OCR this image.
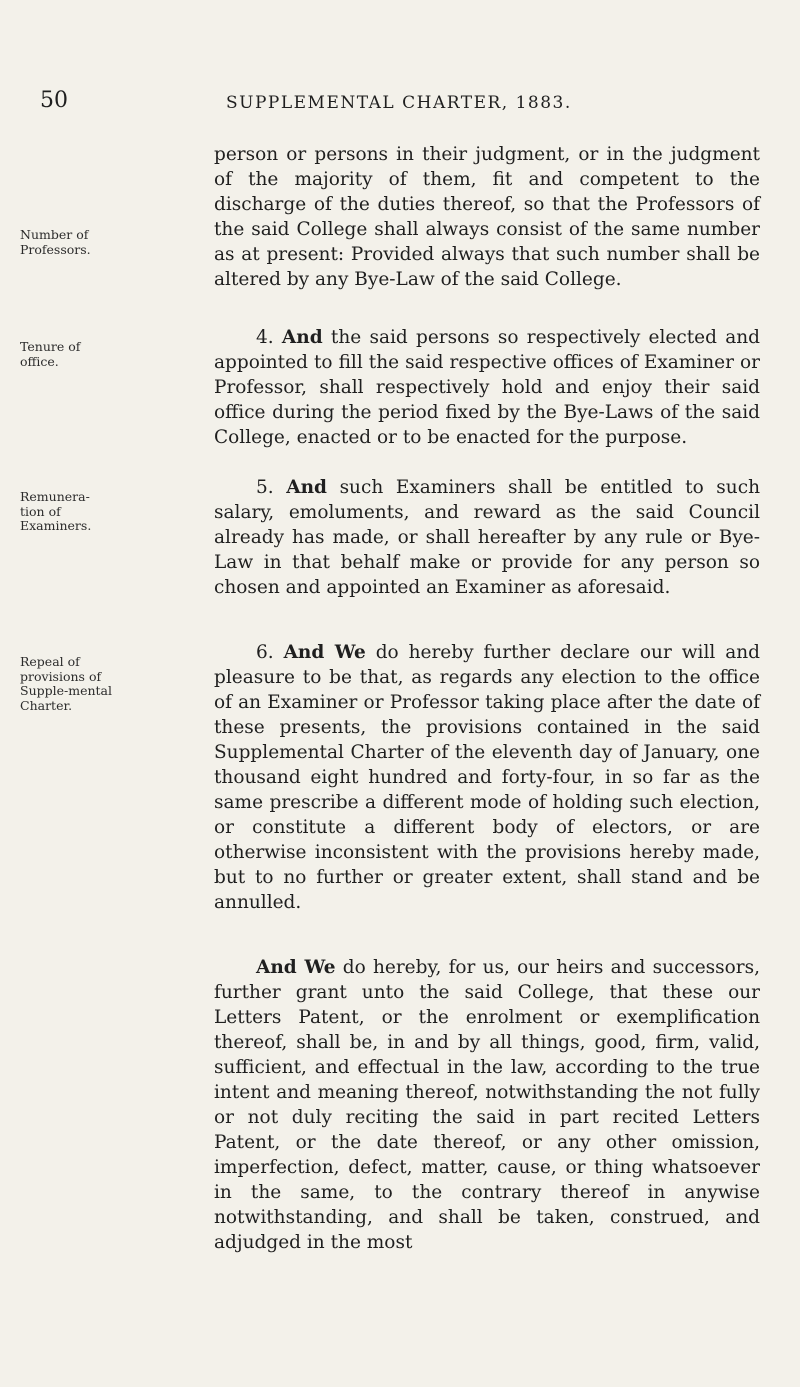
50	SUPPLEMENTAL CHARTER, 1883.
Number of Professors.
Tenure of office.
Remunera-tion of Examiners.
Repeal of provisions of Supple-mental Charter.

person or persons in their judgment, or in the judgment of the majority of them, fit and competent to the discharge of the duties thereof, so that the Professors of the said College shall always consist of the same number as at present: Provided always that such number shall be altered by any Bye-Law of the said College.

4. And the said persons so respectively elected and appointed to fill the said respective offices of Examiner or Professor, shall respectively hold and enjoy their said office during the period fixed by the Bye-Laws of the said College, enacted or to be enacted for the purpose.

5. And such Examiners shall be entitled to such salary, emoluments, and reward as the said Council already has made, or shall hereafter by any rule or Bye-Law in that behalf make or provide for any person so chosen and appointed an Examiner as aforesaid.

6. And We do hereby further declare our will and pleasure to be that, as regards any election to the office of an Examiner or Professor taking place after the date of these presents, the provisions contained in the said Supplemental Charter of the eleventh day of January, one thousand eight hundred and forty-four, in so far as the same prescribe a different mode of holding such election, or constitute a different body of electors, or are otherwise inconsistent with the provisions hereby made, but to no further or greater extent, shall stand and be annulled.

And We do hereby, for us, our heirs and successors, further grant unto the said College, that these our Letters Patent, or the enrolment or exemplification thereof, shall be, in and by all things, good, firm, valid, sufficient, and effectual in the law, according to the true intent and meaning thereof, notwithstanding the not fully or not duly reciting the said in part recited Letters Patent, or the date thereof, or any other omission, imperfection, defect, matter, cause, or thing whatsoever in the same, to the contrary thereof in anywise notwithstanding, and shall be taken, construed, and adjudged in the most
